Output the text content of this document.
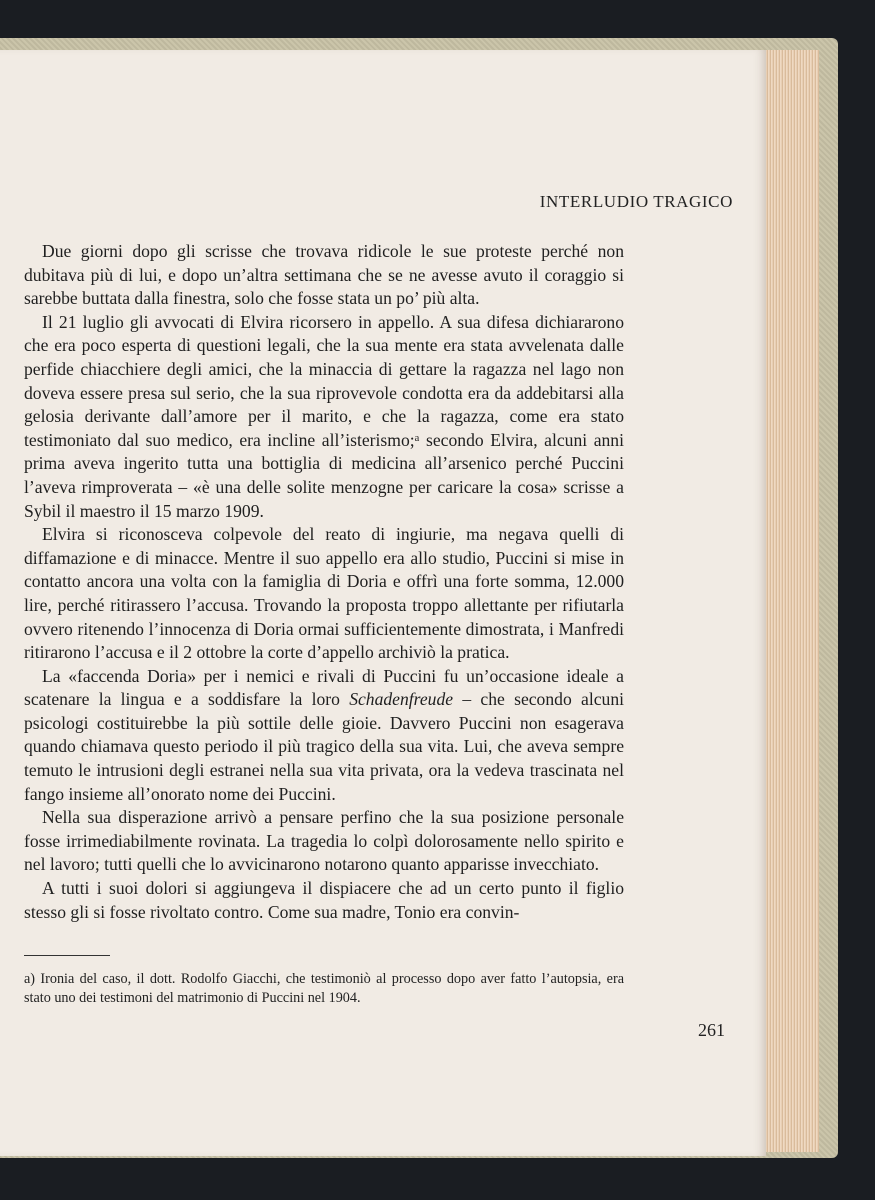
INTERLUDIO TRAGICO

Due giorni dopo gli scrisse che trovava ridicole le sue proteste perché non dubitava più di lui, e dopo un’altra settimana che se ne avesse avuto il coraggio si sarebbe buttata dalla finestra, solo che fosse stata un po’ più alta.

Il 21 luglio gli avvocati di Elvira ricorsero in appello. A sua difesa dichiararono che era poco esperta di questioni legali, che la sua mente era stata avvelenata dalle perfide chiacchiere degli amici, che la minaccia di gettare la ragazza nel lago non doveva essere presa sul serio, che la sua riprovevole condotta era da addebitarsi alla gelosia derivante dall’amore per il marito, e che la ragazza, come era stato testimoniato dal suo medico, era incline all’isterismo;ᵃ secondo Elvira, alcuni anni prima aveva ingerito tutta una bottiglia di medicina all’arsenico perché Puccini l’aveva rimproverata – «è una delle solite menzogne per caricare la cosa» scrisse a Sybil il maestro il 15 marzo 1909.

Elvira si riconosceva colpevole del reato di ingiurie, ma negava quelli di diffamazione e di minacce. Mentre il suo appello era allo studio, Puccini si mise in contatto ancora una volta con la famiglia di Doria e offrì una forte somma, 12.000 lire, perché ritirassero l’accusa. Trovando la proposta troppo allettante per rifiutarla ovvero ritenendo l’innocenza di Doria ormai sufficientemente dimostrata, i Manfredi ritirarono l’accusa e il 2 ottobre la corte d’appello archiviò la pratica.

La «faccenda Doria» per i nemici e rivali di Puccini fu un’occasione ideale a scatenare la lingua e a soddisfare la loro Schadenfreude – che secondo alcuni psicologi costituirebbe la più sottile delle gioie. Davvero Puccini non esagerava quando chiamava questo periodo il più tragico della sua vita. Lui, che aveva sempre temuto le intrusioni degli estranei nella sua vita privata, ora la vedeva trascinata nel fango insieme all’onorato nome dei Puccini.

Nella sua disperazione arrivò a pensare perfino che la sua posizione personale fosse irrimediabilmente rovinata. La tragedia lo colpì dolorosamente nello spirito e nel lavoro; tutti quelli che lo avvicinarono notarono quanto apparisse invecchiato.

A tutti i suoi dolori si aggiungeva il dispiacere che ad un certo punto il figlio stesso gli si fosse rivoltato contro. Come sua madre, Tonio era convin-

a) Ironia del caso, il dott. Rodolfo Giacchi, che testimoniò al processo dopo aver fatto l’autopsia, era stato uno dei testimoni del matrimonio di Puccini nel 1904.
261
